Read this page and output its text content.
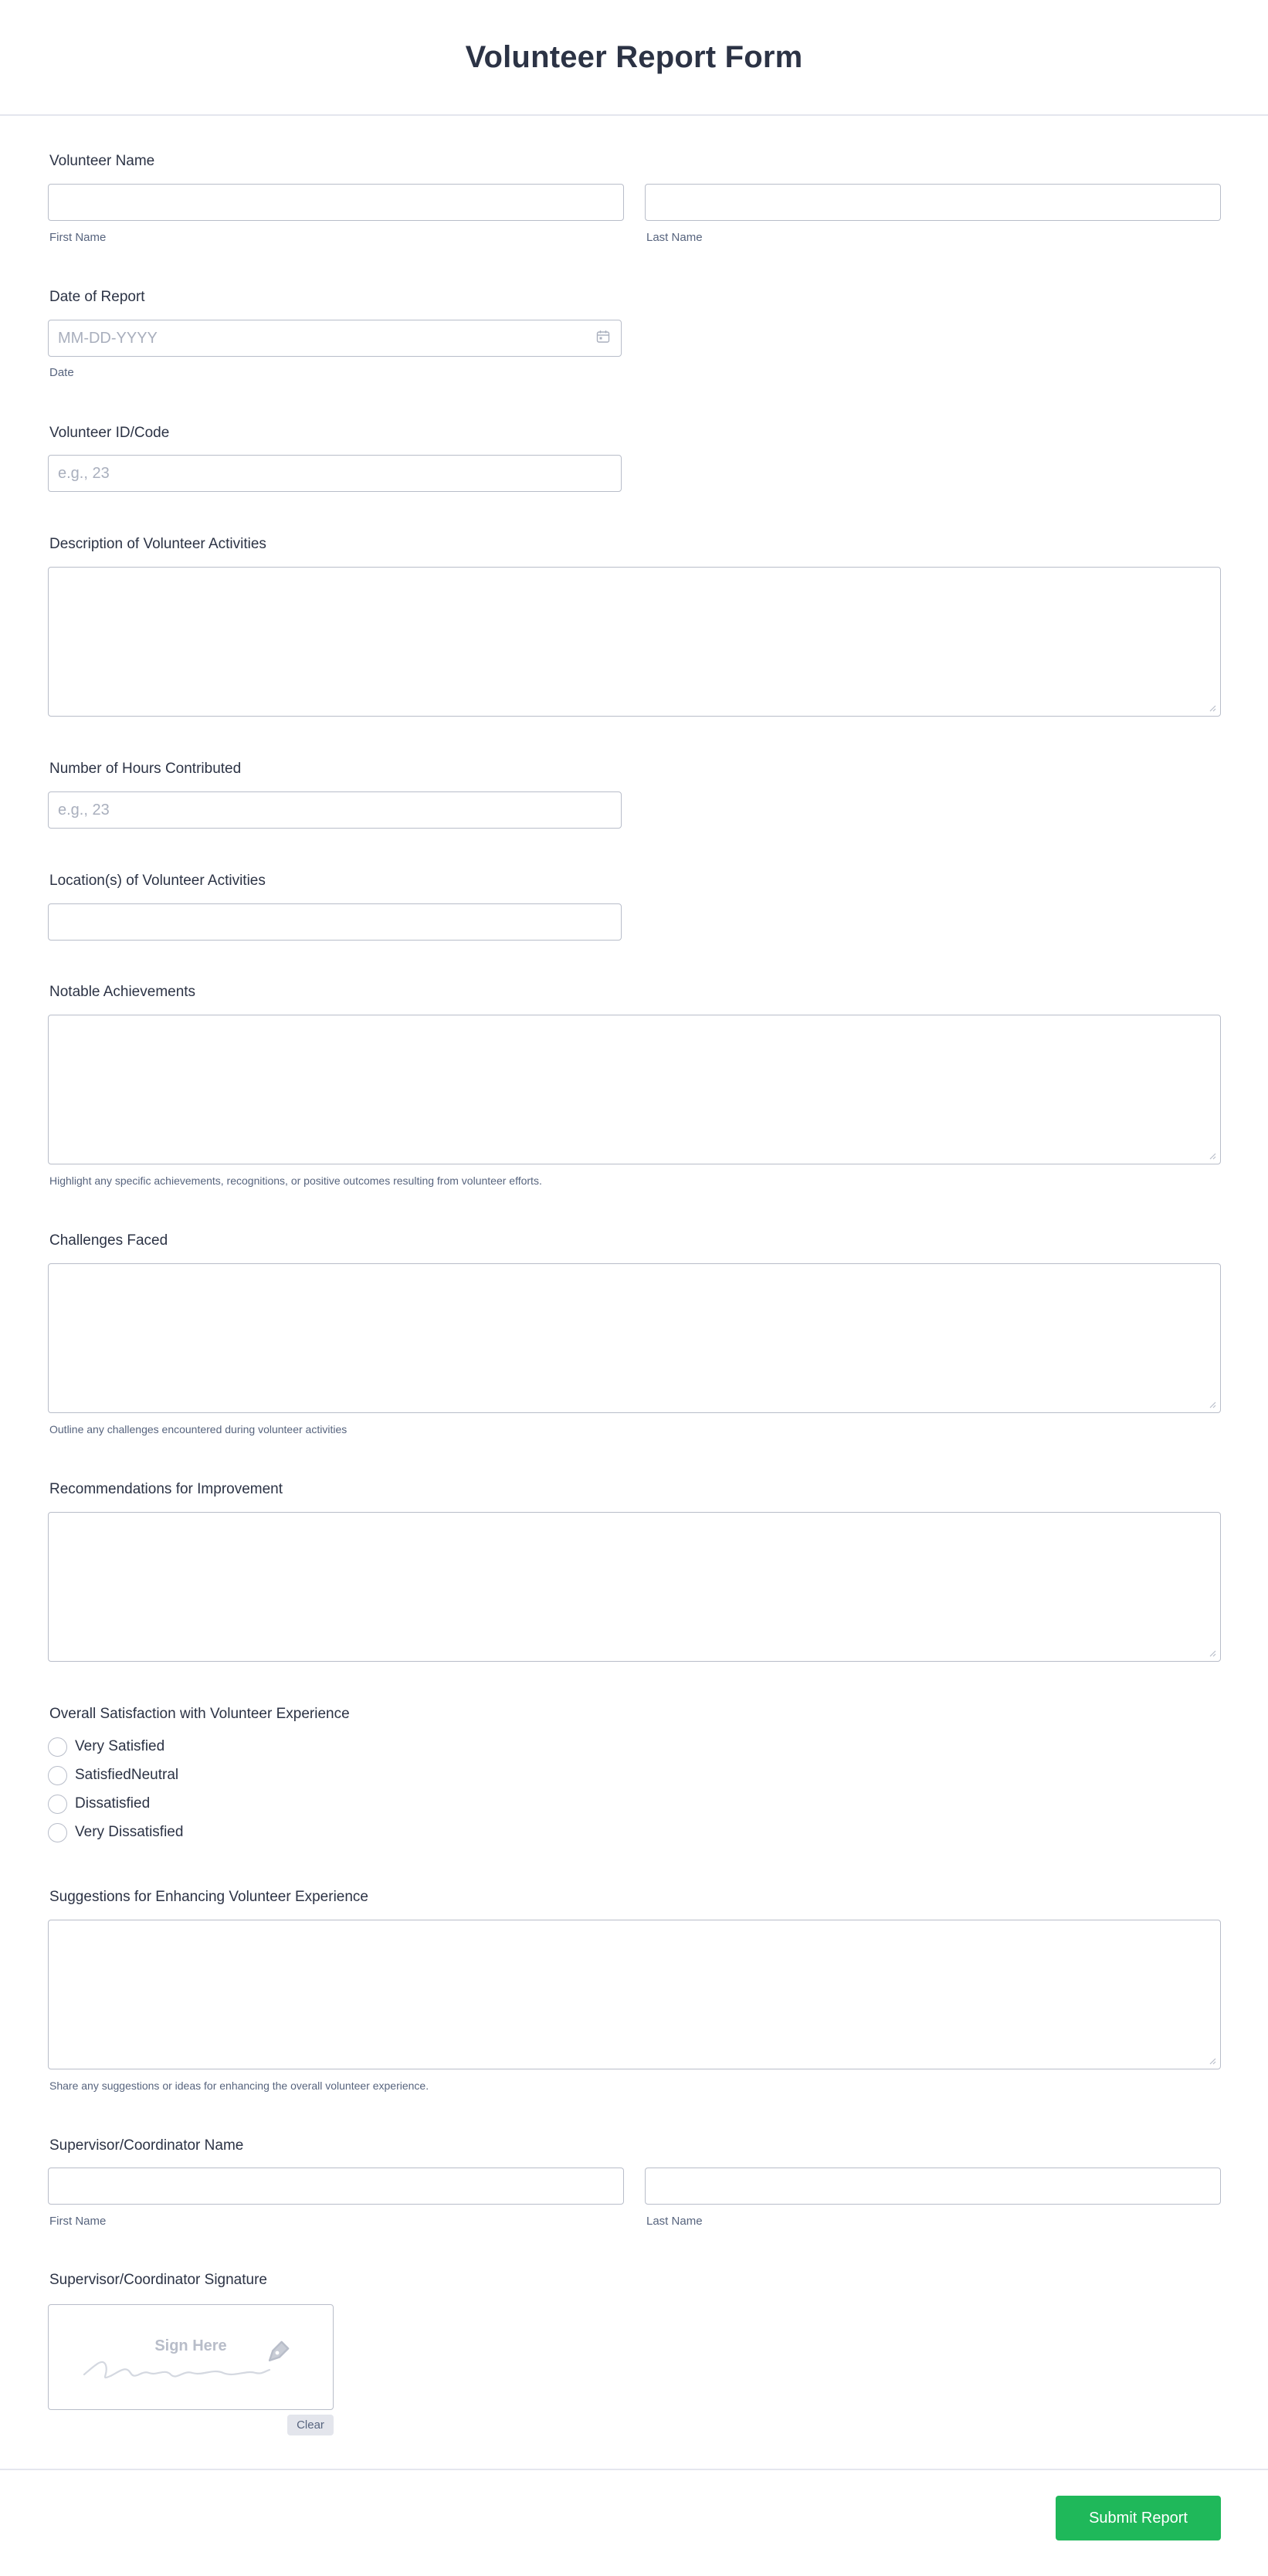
Volunteer Report Form
Volunteer Name
First Name	Last Name
Date of Report
MM-DD-YYYY
Date
Volunteer ID/Code
e.g., 23
Description of Volunteer Activities
Number of Hours Contributed
e.g., 23
Location(s) of Volunteer Activities
Notable Achievements
Highlight any specific achievements, recognitions, or positive outcomes resulting from volunteer efforts.
Challenges Faced
Outline any challenges encountered during volunteer activities
Recommendations for Improvement
Overall Satisfaction with Volunteer Experience
Very Satisfied
SatisfiedNeutral
Dissatisfied
Very Dissatisfied
Suggestions for Enhancing Volunteer Experience
Share any suggestions or ideas for enhancing the overall volunteer experience.
Supervisor/Coordinator Name
First Name	Last Name
Supervisor/Coordinator Signature
Sign Here
Clear
Submit Report
